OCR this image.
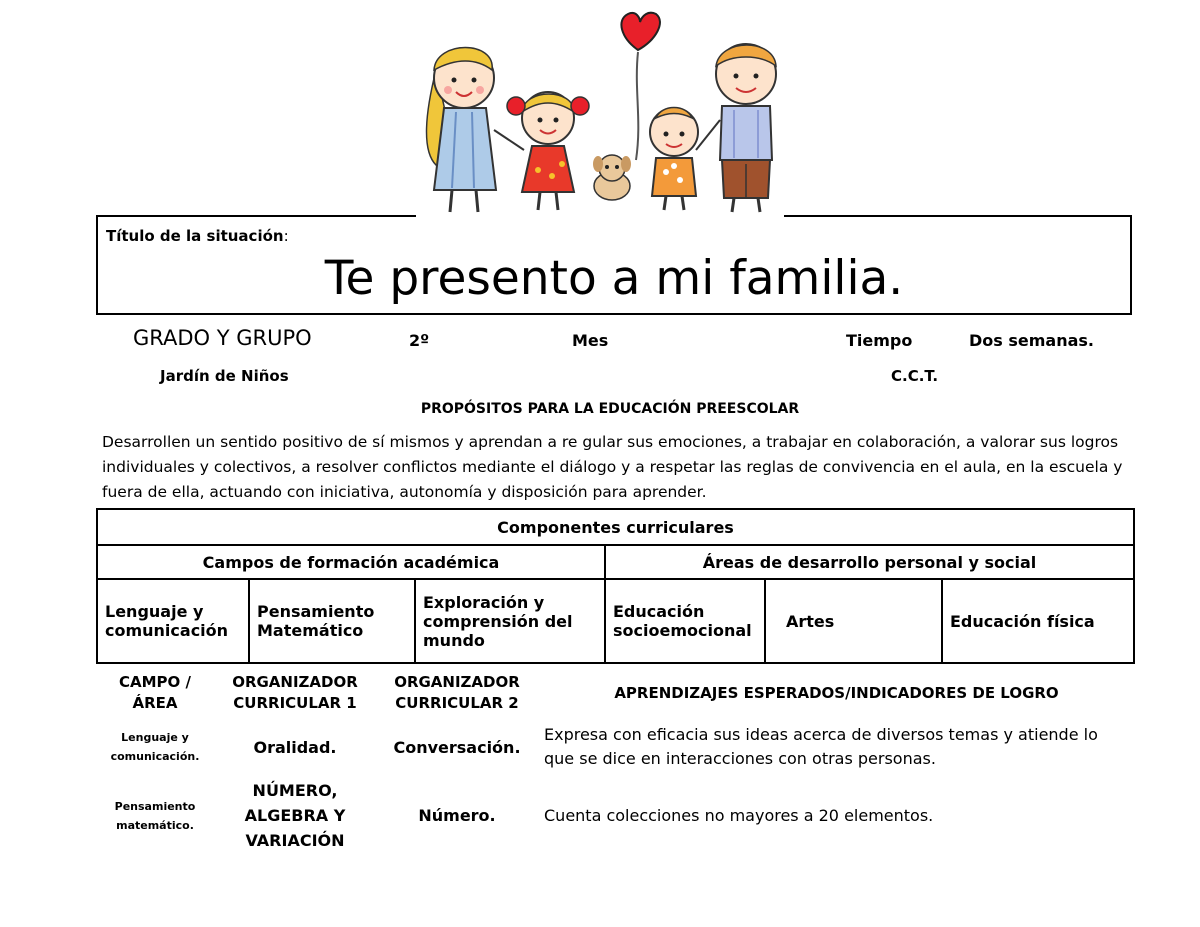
Título de la situación:
Te presento a mi familia.
GRADO Y GRUPO	2º	Mes	Tiempo	Dos semanas.
Jardín de Niños	C.C.T.
PROPÓSITOS PARA LA EDUCACIÓN PREESCOLAR
Desarrollen un sentido positivo de sí mismos y aprendan a re gular sus emociones, a trabajar en colaboración, a valorar sus logros individuales y colectivos, a resolver conflictos mediante el diálogo y a respetar las reglas de convivencia en el aula, en la escuela y fuera de ella, actuando con iniciativa, autonomía y disposición para aprender.
Componentes curriculares					
Campos de formación académica			Áreas de desarrollo personal y social		
Lenguaje y comunicación	Pensamiento Matemático	Exploración y comprensión del mundo	Educación socioemocional	Artes	Educación física
CAMPO / ÁREA	ORGANIZADOR CURRICULAR 1	ORGANIZADOR CURRICULAR 2	APRENDIZAJES ESPERADOS/INDICADORES DE LOGRO
Lenguaje y comunicación.	Oralidad.	Conversación.	Expresa con eficacia sus ideas acerca de diversos temas y atiende lo que se dice en interacciones con otras personas.
Pensamiento matemático.	NÚMERO, ALGEBRA Y VARIACIÓN	Número.	Cuenta colecciones no mayores a 20 elementos.
